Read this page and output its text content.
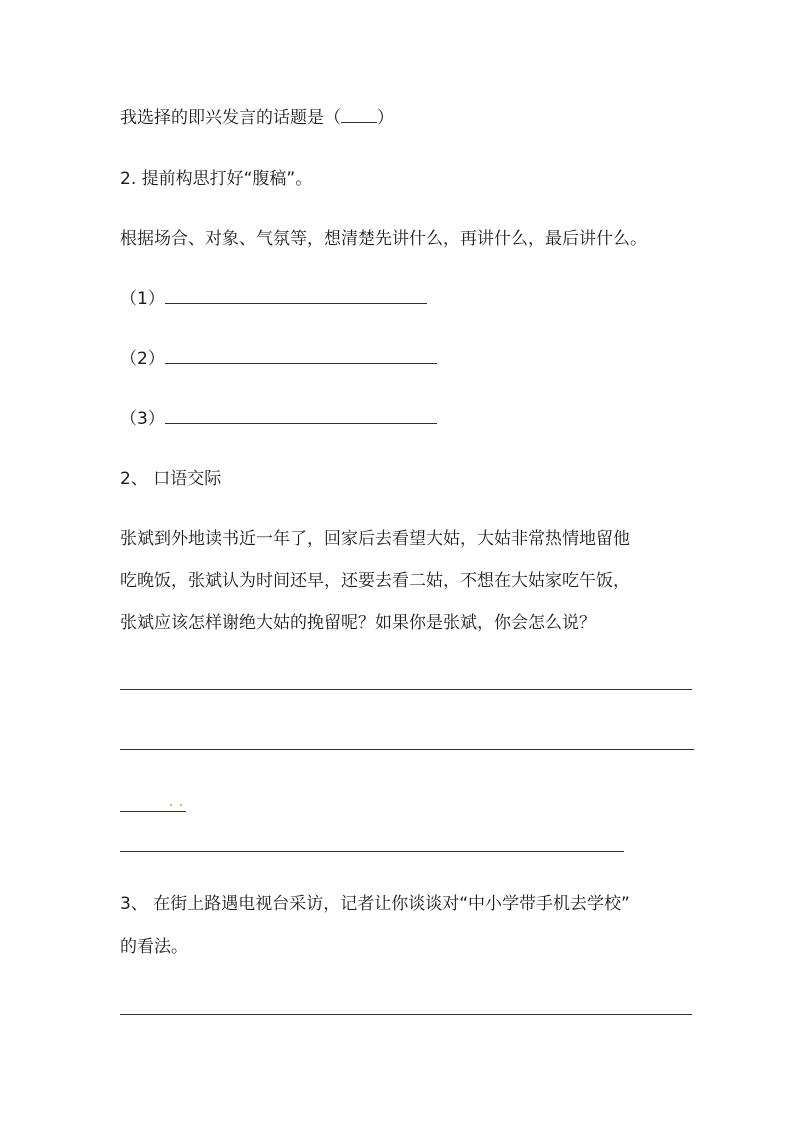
我选择的即兴发言的话题是（ ）
2. 提前构思打好“腹稿”。
根据场合、对象、气氛等，想清楚先讲什么，再讲什么，最后讲什么。
（1）
（2）
（3）
2、 口语交际
张斌到外地读书近一年了，回家后去看望大姑，大姑非常热情地留他
吃晚饭，张斌认为时间还早，还要去看二姑，不想在大姑家吃午饭，
张斌应该怎样谢绝大姑的挽留呢？如果你是张斌，你会怎么说？
3、 在街上路遇电视台采访，记者让你谈谈对“中小学带手机去学校”
的看法。
